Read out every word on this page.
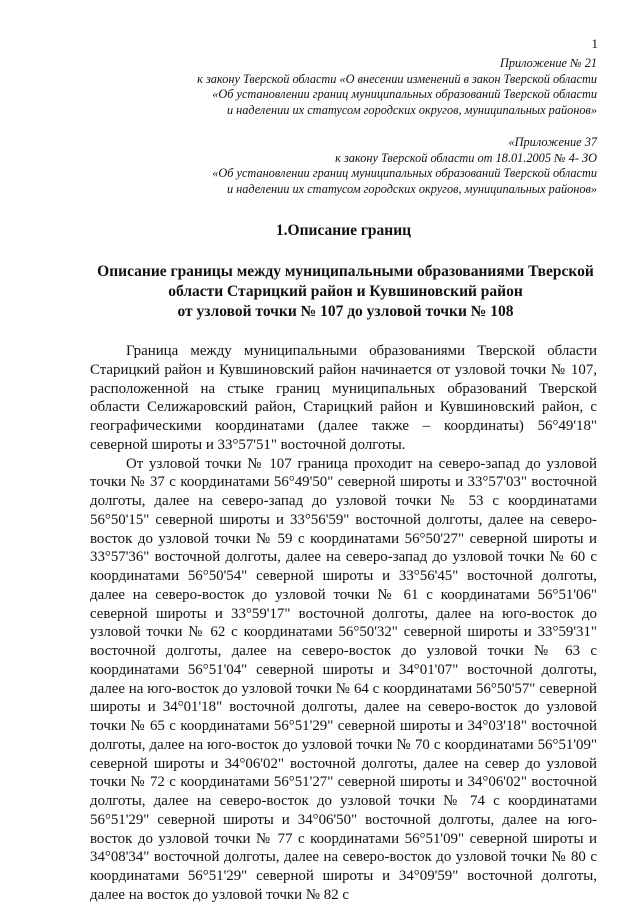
1
Приложение № 21
к закону Тверской области «О внесении изменений в закон Тверской области
«Об установлении границ муниципальных образований Тверской области
и наделении их статусом городских округов, муниципальных районов»
«Приложение 37
к закону Тверской области от 18.01.2005 № 4- ЗО
«Об установлении границ муниципальных образований Тверской области
и наделении их статусом городских округов, муниципальных районов»
1.Описание границ
Описание границы между муниципальными образованиями Тверской
области Старицкий район и Кувшиновский район
от узловой точки № 107 до узловой точки № 108

Граница между муниципальными образованиями Тверской области Старицкий район и Кувшиновский район начинается от узловой точки № 107, расположенной на стыке границ муниципальных образований Тверской области Селижаровский район, Старицкий район и Кувшиновский район, с географическими координатами (далее также – координаты) 56°49'18" северной широты и 33°57'51" восточной долготы.

От узловой точки № 107 граница проходит на северо-запад до узловой точки № 37 с координатами 56°49'50" северной широты и 33°57'03" восточной долготы, далее на северо-запад до узловой точки № 53 с координатами 56°50'15" северной широты и 33°56'59" восточной долготы, далее на северо-восток до узловой точки № 59 с координатами 56°50'27" северной широты и 33°57'36" восточной долготы, далее на северо-запад до узловой точки № 60 с координатами 56°50'54" северной широты и 33°56'45" восточной долготы, далее на северо-восток до узловой точки № 61 с координатами 56°51'06" северной широты и 33°59'17" восточной долготы, далее на юго-восток до узловой точки № 62 с координатами 56°50'32" северной широты и 33°59'31" восточной долготы, далее на северо-восток до узловой точки № 63 с координатами 56°51'04" северной широты и 34°01'07" восточной долготы, далее на юго-восток до узловой точки № 64 с координатами 56°50'57" северной широты и 34°01'18" восточной долготы, далее на северо-восток до узловой точки № 65 с координатами 56°51'29" северной широты и 34°03'18" восточной долготы, далее на юго-восток до узловой точки № 70 с координатами 56°51'09" северной широты и 34°06'02" восточной долготы, далее на север до узловой точки № 72 с координатами 56°51'27" северной широты и 34°06'02" восточной долготы, далее на северо-восток до узловой точки № 74 с координатами 56°51'29" северной широты и 34°06'50" восточной долготы, далее на юго-восток до узловой точки № 77 с координатами 56°51'09" северной широты и 34°08'34" восточной долготы, далее на северо-восток до узловой точки № 80 с координатами 56°51'29" северной широты и 34°09'59" восточной долготы, далее на восток до узловой точки № 82 с
